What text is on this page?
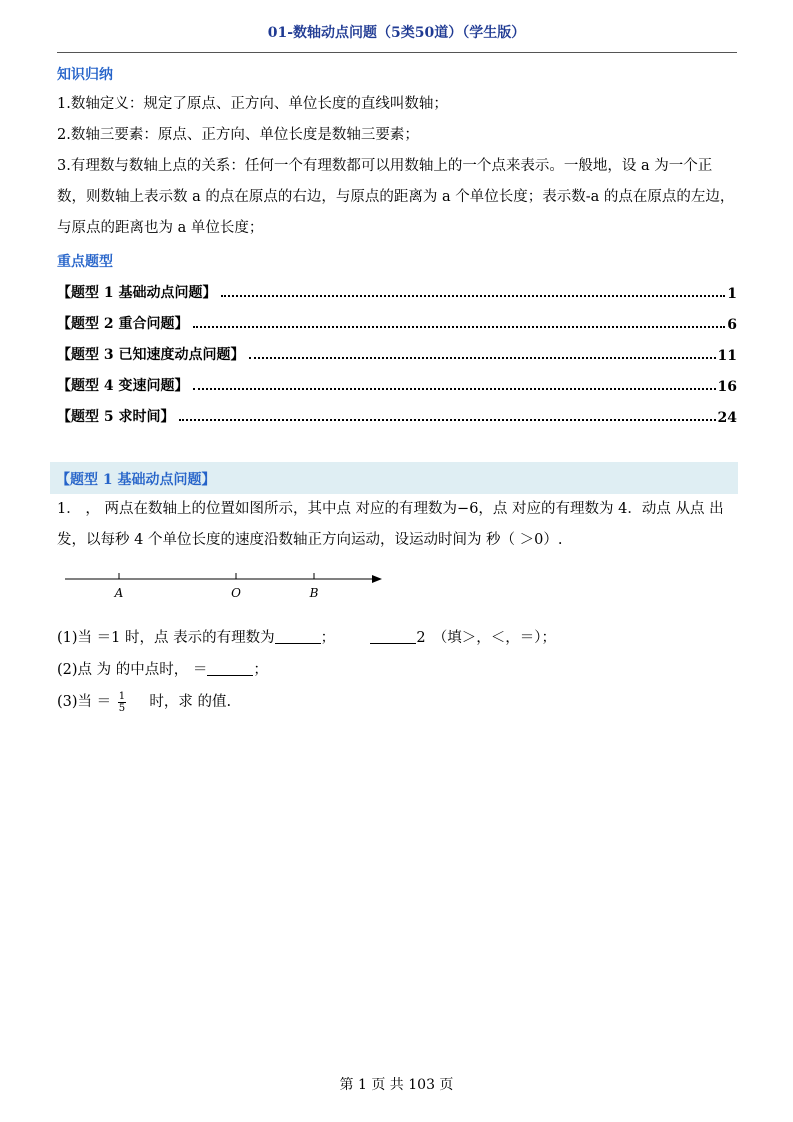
01-数轴动点问题（5类50道）（学生版）
知识归纳

1.数轴定义：规定了原点、正方向、单位长度的直线叫数轴；

2.数轴三要素：原点、正方向、单位长度是数轴三要素；

3.有理数与数轴上点的关系：任何一个有理数都可以用数轴上的一个点来表示。一般地，设 a 为一个正数，则数轴上表示数 a 的点在原点的右边，与原点的距离为 a 个单位长度；表示数-a 的点在原点的左边，与原点的距离也为 a 单位长度；

重点题型
【题型 1 基础动点问题】	1
【题型 2 重合问题】	6
【题型 3 已知速度动点问题】	11
【题型 4 变速问题】	16
【题型 5 求时间】	24
【题型 1 基础动点问题】
1． ， 两点在数轴上的位置如图所示，其中点 对应的有理数为−6，点 对应的有理数为 4．动点 从点 出发，以每秒 4 个单位长度的速度沿数轴正方向运动，设运动时间为 秒（ ＞0）.
A	O	B
(1)当 ＝1 时，点 表示的有理数为	；	2　（填＞，＜，＝）；
(2)点 为 的中点时， ＝	；
(3)当 ＝ $\frac{1}{5}$ 时，求 的值.
第 1 页 共 103 页
